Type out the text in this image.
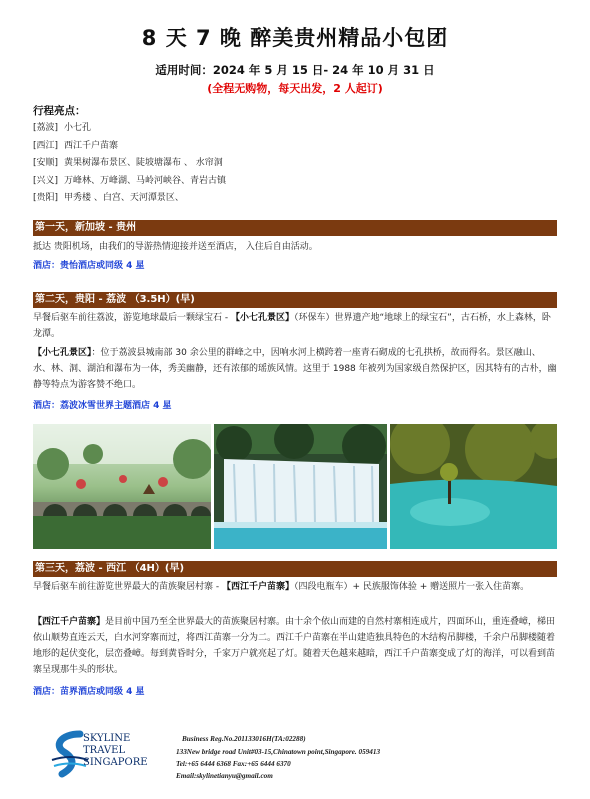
8 天 7 晚 醉美贵州精品小包团
适用时间：2024 年 5 月 15 日- 24 年 10 月 31 日
(全程无购物，每天出发，2 人起订)
行程亮点：
[荔波] 小七孔
[西江] 西江千户苗寨
[安顺] 黄果树瀑布景区、陡坡塘瀑布 、 水帘洞
[兴义] 万峰林、万峰湖、马岭河峡谷、青岩古镇
[贵阳] 甲秀楼 、白宫、天河潭景区、
第一天，新加坡 - 贵州
抵达 贵阳机场，由我们的导游热情迎接并送至酒店， 入住后自由活动。
酒店：贵怡酒店或同级 4 星
第二天，贵阳 - 荔波 （3.5H）(早)
早餐后驱车前往荔波，游览地球最后一颗绿宝石 - 【小七孔景区】（环保车）世界遗产地“地球上的绿宝石”，古石桥，水上森林，卧龙潭。
【小七孔景区】：位于荔波县城南部 30 余公里的群峰之中，因响水河上横跨着一座青石砌成的七孔拱桥，故而得名。景区融山、水、林、洞、湖泊和瀑布为一体，秀美幽静，还有浓郁的瑶族风情。这里于 1988 年被列为国家级自然保护区，因其特有的古朴，幽静等特点为游客赞不绝口。
酒店：荔波冰雪世界主题酒店 4 星
第三天，荔波 - 西江 （4H）(早)
早餐后驱车前往游览世界最大的苗族聚居村寨 - 【西江千户苗寨】（四段电瓶车）+ 民族服饰体验 + 赠送照片一张入住苗寨。
【西江千户苗寨】是目前中国乃至全世界最大的苗族聚居村寨。由十余个依山而建的自然村寨相连成片，四面环山，重连叠嶂，梯田依山顺势直连云天，白水河穿寨而过，将西江苗寨一分为二。西江千户苗寨在半山建造独具特色的木结构吊脚楼，千余户吊脚楼随着地形的起伏变化，层峦叠嶂。每到黄昏时分，千家万户就亮起了灯。随着天色越来越暗，西江千户苗寨变成了灯的海洋，可以看到苗寨呈现那牛头的形状。
酒店：苗界酒店或同级 4 星
SKYLINE
TRAVEL
SINGAPORE
Business Reg.No.201133016H(TA:02288)
133New bridge road Unit#03-15,Chinatown point,Singapore. 059413
Tel:+65 6444 6368 Fax:+65 6444 6370
Email:skylinetianyu@gmail.com
